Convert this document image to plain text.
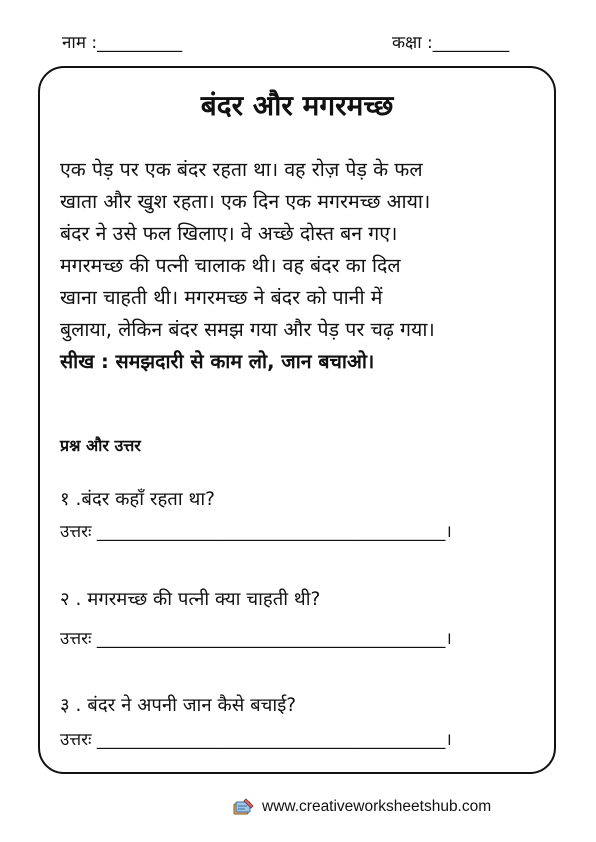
नाम :__________	कक्षा :_________
बंदर और मगरमच्छ
एक पेड़ पर एक बंदर रहता था। वह रोज़ पेड़ के फल
खाता और खुश रहता। एक दिन एक मगरमच्छ आया।
बंदर ने उसे फल खिलाए। वे अच्छे दोस्त बन गए।
मगरमच्छ की पत्नी चालाक थी। वह बंदर का दिल
खाना चाहती थी। मगरमच्छ ने बंदर को पानी में
बुलाया, लेकिन बंदर समझ गया और पेड़ पर चढ़ गया।
सीख : समझदारी से काम लो, जान बचाओ।
प्रश्न और उत्तर
१ .बंदर कहाँ रहता था?
उत्तरः _________________________________________।
२ . मगरमच्छ की पत्नी क्या चाहती थी?
उत्तरः _________________________________________।
३ . बंदर ने अपनी जान कैसे बचाई?
उत्तरः _________________________________________।
www.creativeworksheetshub.com
